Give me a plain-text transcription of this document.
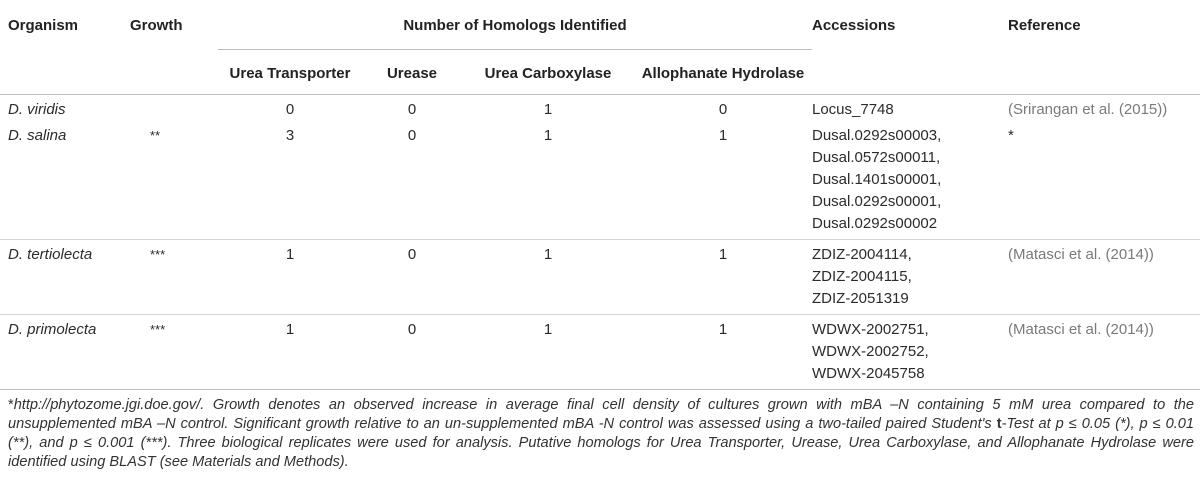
Organism	Growth	Number of Homologs Identified				Accessions	Reference
		Urea Transporter	Urease	Urea Carboxylase	Allophanate Hydrolase		

D. viridis		0	0	1	0	Locus_7748	(Srirangan et al. (2015))
D. salina	**	3	0	1	1	Dusal.0292s00003,
Dusal.0572s00011,
Dusal.1401s00001,
Dusal.0292s00001,
Dusal.0292s00002	*

D. tertiolecta	***	1	0	1	1	ZDIZ-2004114,
ZDIZ-2004115,
ZDIZ-2051319	(Matasci et al. (2014))

D. primolecta	***	1	0	1	1	WDWX-2002751,
WDWX-2002752,
WDWX-2045758	(Matasci et al. (2014))
*http://phytozome.jgi.doe.gov/. Growth denotes an observed increase in average final cell density of cultures grown with mBA –N containing 5 mM urea compared to the unsupplemented mBA –N control. Significant growth relative to an un-supplemented mBA -N control was assessed using a two-tailed paired Student's t-Test at p ≤ 0.05 (*), p ≤ 0.01 (**), and p ≤ 0.001 (***). Three biological replicates were used for analysis. Putative homologs for Urea Transporter, Urease, Urea Carboxylase, and Allophanate Hydrolase were identified using BLAST (see Materials and Methods).
